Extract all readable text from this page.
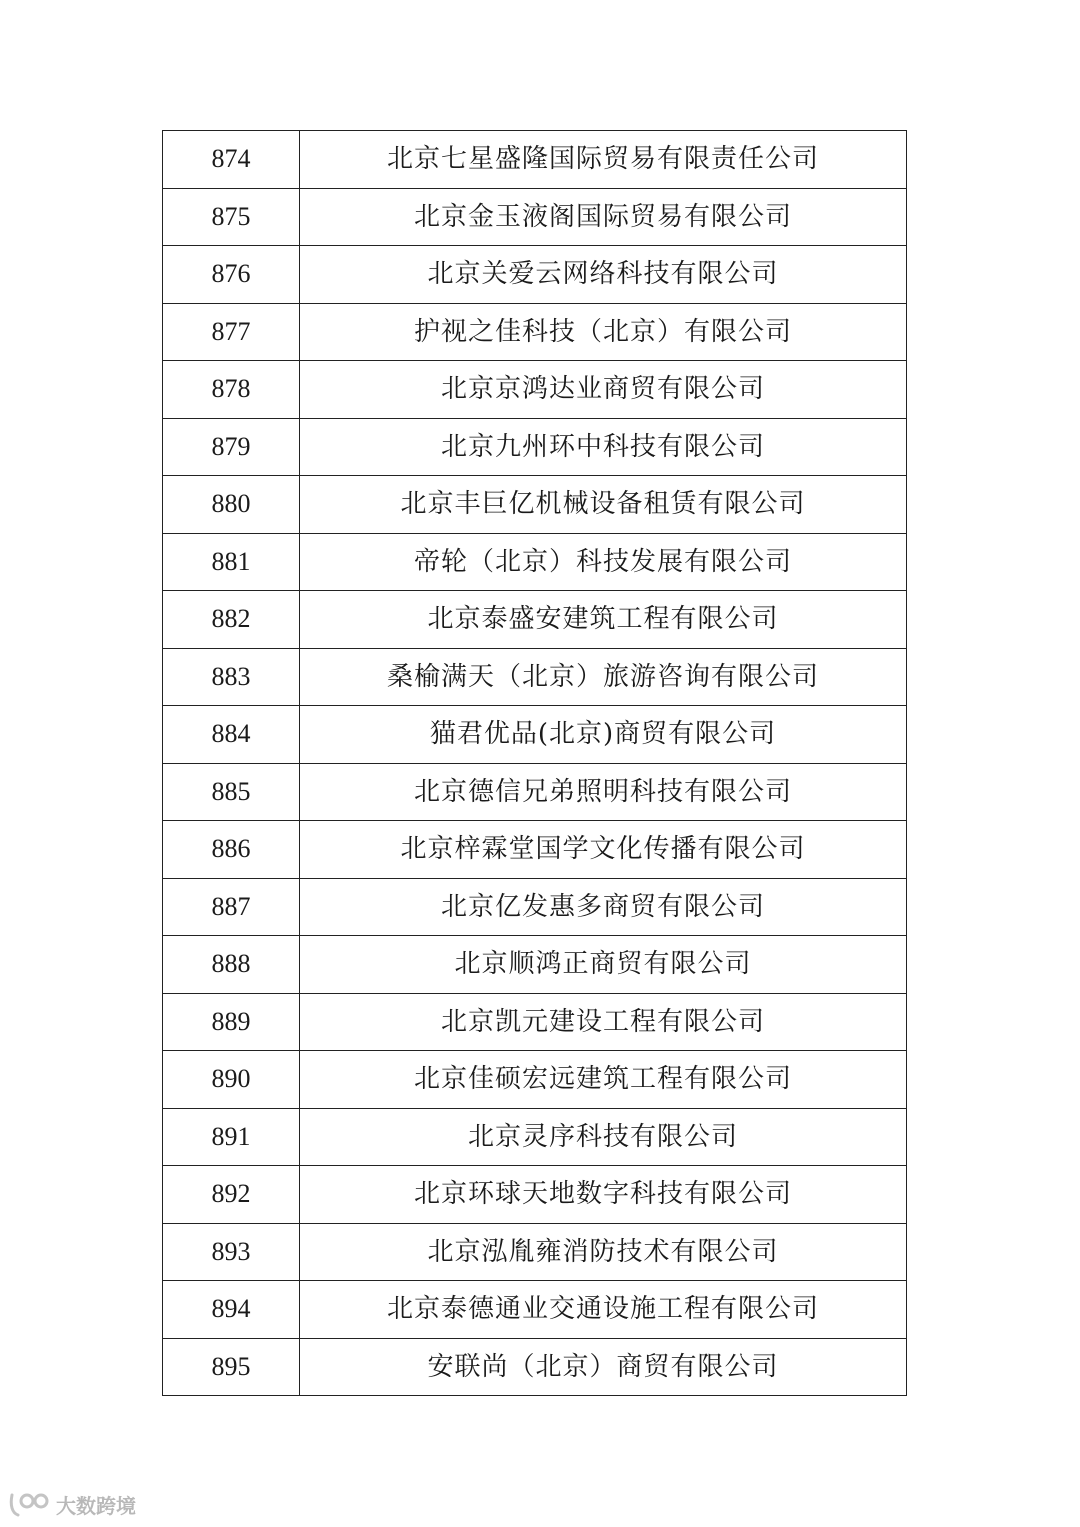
874	北京七星盛隆国际贸易有限责任公司
875	北京金玉液阁国际贸易有限公司
876	北京关爱云网络科技有限公司
877	护视之佳科技（北京）有限公司
878	北京京鸿达业商贸有限公司
879	北京九州环中科技有限公司
880	北京丰巨亿机械设备租赁有限公司
881	帝轮（北京）科技发展有限公司
882	北京泰盛安建筑工程有限公司
883	桑榆满天（北京）旅游咨询有限公司
884	猫君优品(北京)商贸有限公司
885	北京德信兄弟照明科技有限公司
886	北京梓霖堂国学文化传播有限公司
887	北京亿发惠多商贸有限公司
888	北京顺鸿正商贸有限公司
889	北京凯元建设工程有限公司
890	北京佳硕宏远建筑工程有限公司
891	北京灵序科技有限公司
892	北京环球天地数字科技有限公司
893	北京泓胤雍消防技术有限公司
894	北京泰德通业交通设施工程有限公司
895	安联尚（北京）商贸有限公司
大数跨境
